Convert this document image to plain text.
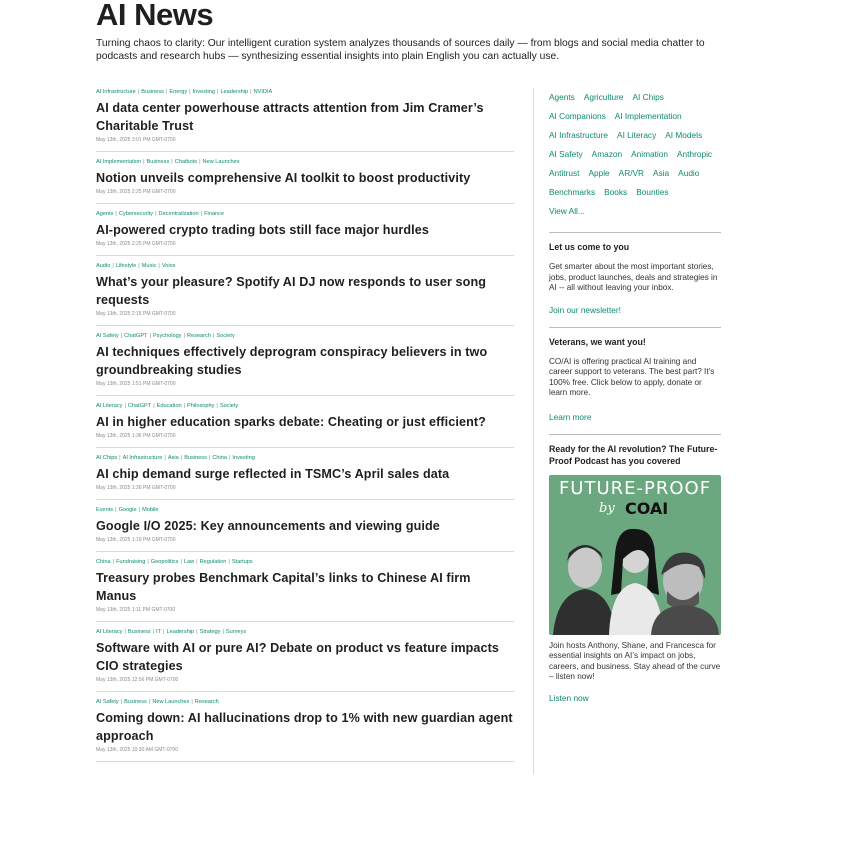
AI News

Turning chaos to clarity: Our intelligent curation system analyzes thousands of sources daily — from blogs and social media chatter to podcasts and research hubs — synthesizing essential insights into plain English you can actually use.

AI Infrastructure | Business | Energy | Investing | Leadership | NVIDIA
AI data center powerhouse attracts attention from Jim Cramer’s Charitable Trust
May 13th, 2025 3:01 PM GMT-0700
AI Implementation | Business | Chatbots | New Launches
Notion unveils comprehensive AI toolkit to boost productivity
May 13th, 2025 2:25 PM GMT-0700
Agents | Cybersecurity | Decentralization | Finance
AI-powered crypto trading bots still face major hurdles
May 13th, 2025 2:25 PM GMT-0700
Audio | Lifestyle | Music | Voice
What’s your pleasure? Spotify AI DJ now responds to user song requests
May 13th, 2025 2:15 PM GMT-0700
AI Safety | ChatGPT | Psychology | Research | Society
AI techniques effectively deprogram conspiracy believers in two groundbreaking studies
May 13th, 2025 1:51 PM GMT-0700
AI Literacy | ChatGPT | Education | Philosophy | Society
AI in higher education sparks debate: Cheating or just efficient?
May 13th, 2025 1:36 PM GMT-0700
AI Chips | AI Infrastructure | Asia | Business | China | Investing
AI chip demand surge reflected in TSMC’s April sales data
May 13th, 2025 1:26 PM GMT-0700
Events | Google | Mobile
Google I/O 2025: Key announcements and viewing guide
May 13th, 2025 1:19 PM GMT-0700
China | Fundraising | Geopolitics | Law | Regulation | Startups
Treasury probes Benchmark Capital’s links to Chinese AI firm Manus
May 13th, 2025 1:11 PM GMT-0700
AI Literacy | Business | IT | Leadership | Strategy | Surveys
Software with AI or pure AI? Debate on product vs feature impacts CIO strategies
May 13th, 2025 12:56 PM GMT-0700
AI Safety | Business | New Launches | Research
Coming down: AI hallucinations drop to 1% with new guardian agent approach
May 13th, 2025 10:30 AM GMT-0700
Agents Agriculture AI Chips
AI Companions AI Implementation
AI Infrastructure AI Literacy AI Models
AI Safety Amazon Animation Anthropic
Antitrust Apple AR/VR Asia Audio
Benchmarks Books Bounties
View All...
Let us come to you

Get smarter about the most important stories, jobs, product launches, deals and strategies in AI -- all without leaving your inbox.

Join our newsletter!
Veterans, we want you!

CO/AI is offering practical AI training and career support to veterans. The best part? It’s 100% free. Click below to apply, donate or learn more.

Learn more
Ready for the AI revolution? The Future-Proof Podcast has you covered
FUTURE-PROOF
by COAI

Join hosts Anthony, Shane, and Francesca for essential insights on AI’s impact on jobs, careers, and business. Stay ahead of the curve – listen now!

Listen now
